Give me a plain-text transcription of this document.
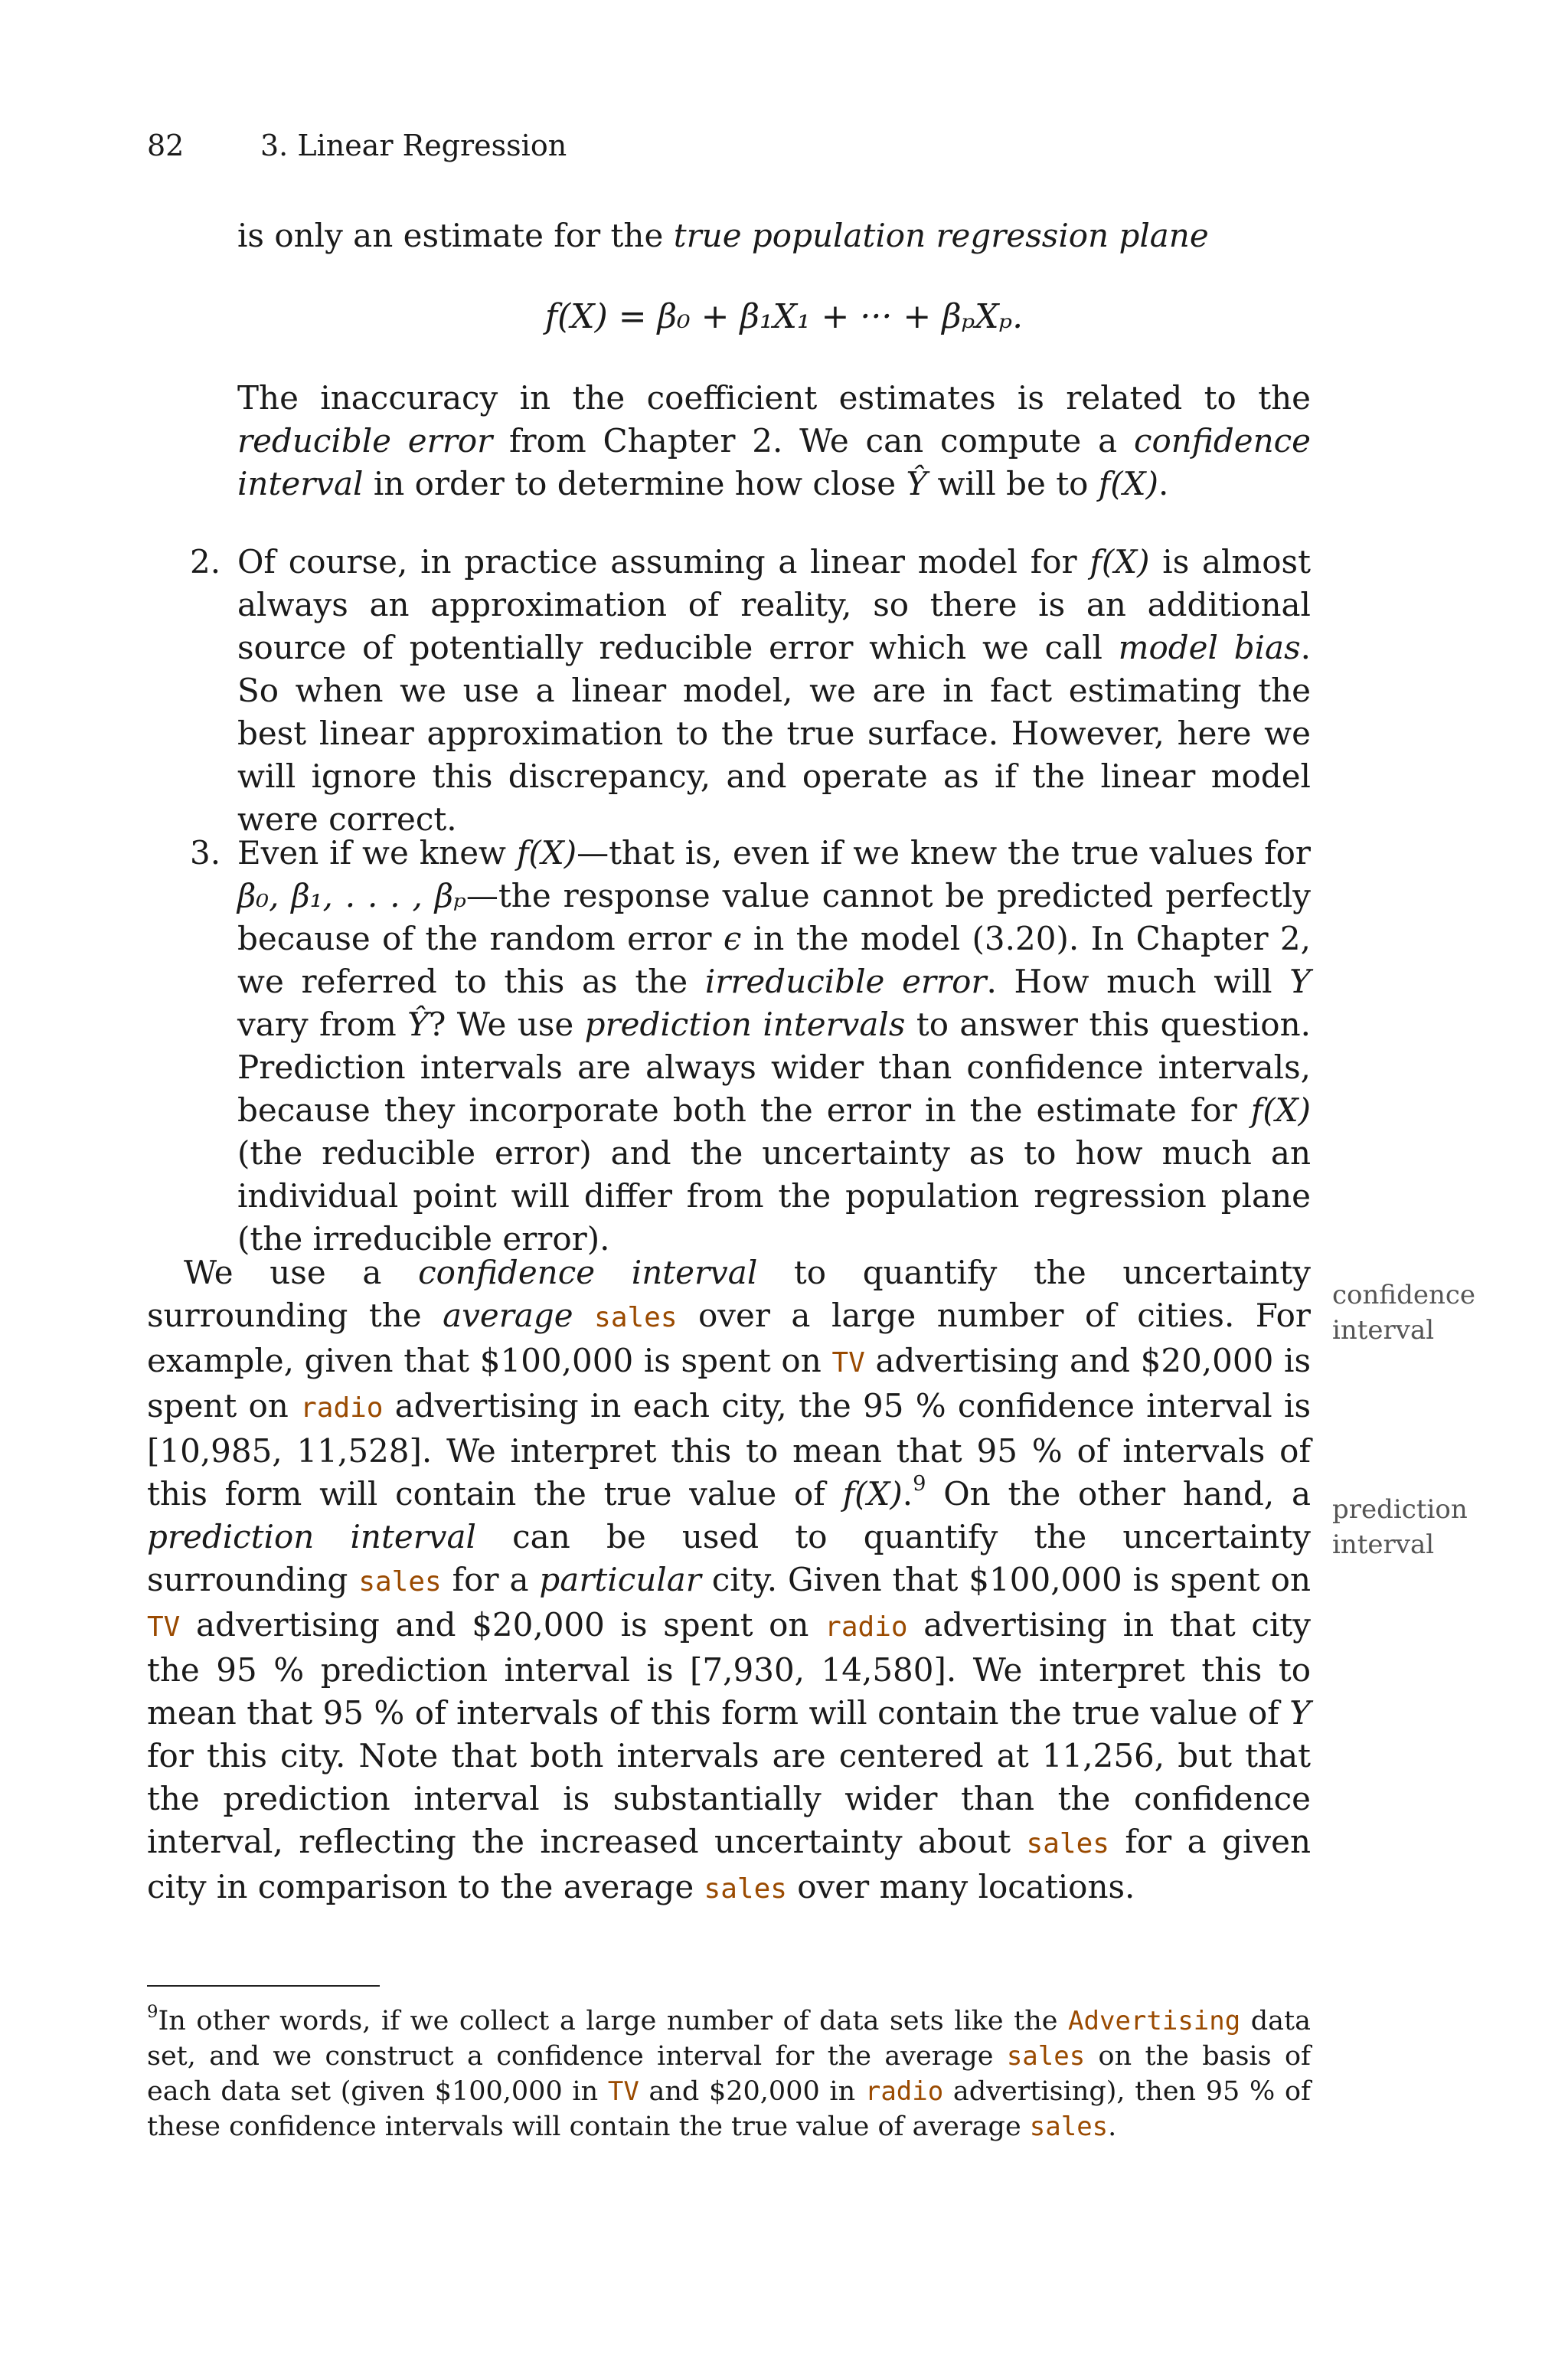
82	3. Linear Regression
is only an estimate for the true population regression plane
f(X) = β₀ + β₁X₁ + ··· + βₚXₚ.
The inaccuracy in the coefficient estimates is related to the reducible error from Chapter 2. We can compute a confidence interval in order to determine how close Ŷ will be to f(X).
2. Of course, in practice assuming a linear model for f(X) is almost always an approximation of reality, so there is an additional source of potentially reducible error which we call model bias. So when we use a linear model, we are in fact estimating the best linear approximation to the true surface. However, here we will ignore this discrepancy, and operate as if the linear model were correct.
3. Even if we knew f(X)—that is, even if we knew the true values for β₀, β₁, . . . , βₚ—the response value cannot be predicted perfectly because of the random error ϵ in the model (3.20). In Chapter 2, we referred to this as the irreducible error. How much will Y vary from Ŷ? We use prediction intervals to answer this question. Prediction intervals are always wider than confidence intervals, because they incorporate both the error in the estimate for f(X) (the reducible error) and the uncertainty as to how much an individual point will differ from the population regression plane (the irreducible error).
We use a confidence interval to quantify the uncertainty surrounding the average sales over a large number of cities. For example, given that $100,000 is spent on TV advertising and $20,000 is spent on radio advertising in each city, the 95 % confidence interval is [10,985, 11,528]. We interpret this to mean that 95 % of intervals of this form will contain the true value of f(X).$^9$ On the other hand, a prediction interval can be used to quantify the uncertainty surrounding sales for a particular city. Given that $100,000 is spent on TV advertising and $20,000 is spent on radio advertising in that city the 95 % prediction interval is [7,930, 14,580]. We interpret this to mean that 95 % of intervals of this form will contain the true value of Y for this city. Note that both intervals are centered at 11,256, but that the prediction interval is substantially wider than the confidence interval, reflecting the increased uncertainty about sales for a given city in comparison to the average sales over many locations.
confidence
interval
prediction
interval
$^9$In other words, if we collect a large number of data sets like the Advertising data set, and we construct a confidence interval for the average sales on the basis of each data set (given $100,000 in TV and $20,000 in radio advertising), then 95 % of these confidence intervals will contain the true value of average sales.
